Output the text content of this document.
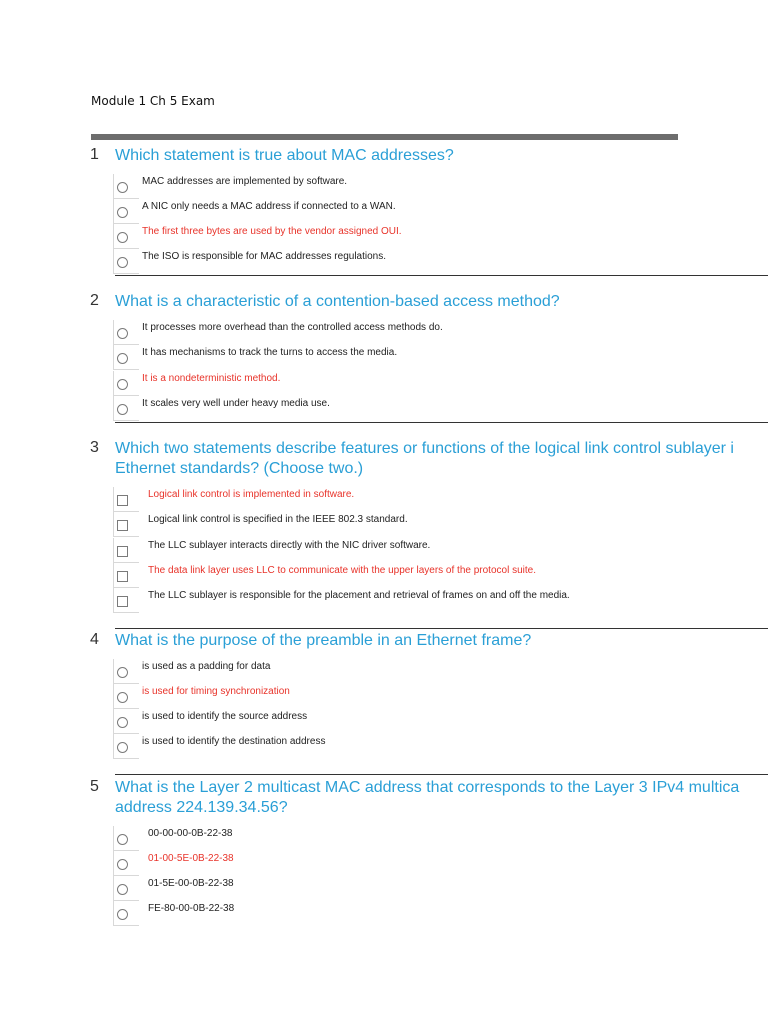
Module 1 Ch 5 Exam
1 Which statement is true about MAC addresses?
MAC addresses are implemented by software.
A NIC only needs a MAC address if connected to a WAN.
The first three bytes are used by the vendor assigned OUI.
The ISO is responsible for MAC addresses regulations.
2 What is a characteristic of a contention-based access method?
It processes more overhead than the controlled access methods do.
It has mechanisms to track the turns to access the media.
It is a nondeterministic method.
It scales very well under heavy media use.
3 Which two statements describe features or functions of the logical link control sublayer i
Ethernet standards? (Choose two.)
Logical link control is implemented in software.
Logical link control is specified in the IEEE 802.3 standard.
The LLC sublayer interacts directly with the NIC driver software.
The data link layer uses LLC to communicate with the upper layers of the protocol suite.
The LLC sublayer is responsible for the placement and retrieval of frames on and off the media.
4 What is the purpose of the preamble in an Ethernet frame?
is used as a padding for data
is used for timing synchronization
is used to identify the source address
is used to identify the destination address
5 What is the Layer 2 multicast MAC address that corresponds to the Layer 3 IPv4 multica
address 224.139.34.56?
00-00-00-0B-22-38
01-00-5E-0B-22-38
01-5E-00-0B-22-38
FE-80-00-0B-22-38
